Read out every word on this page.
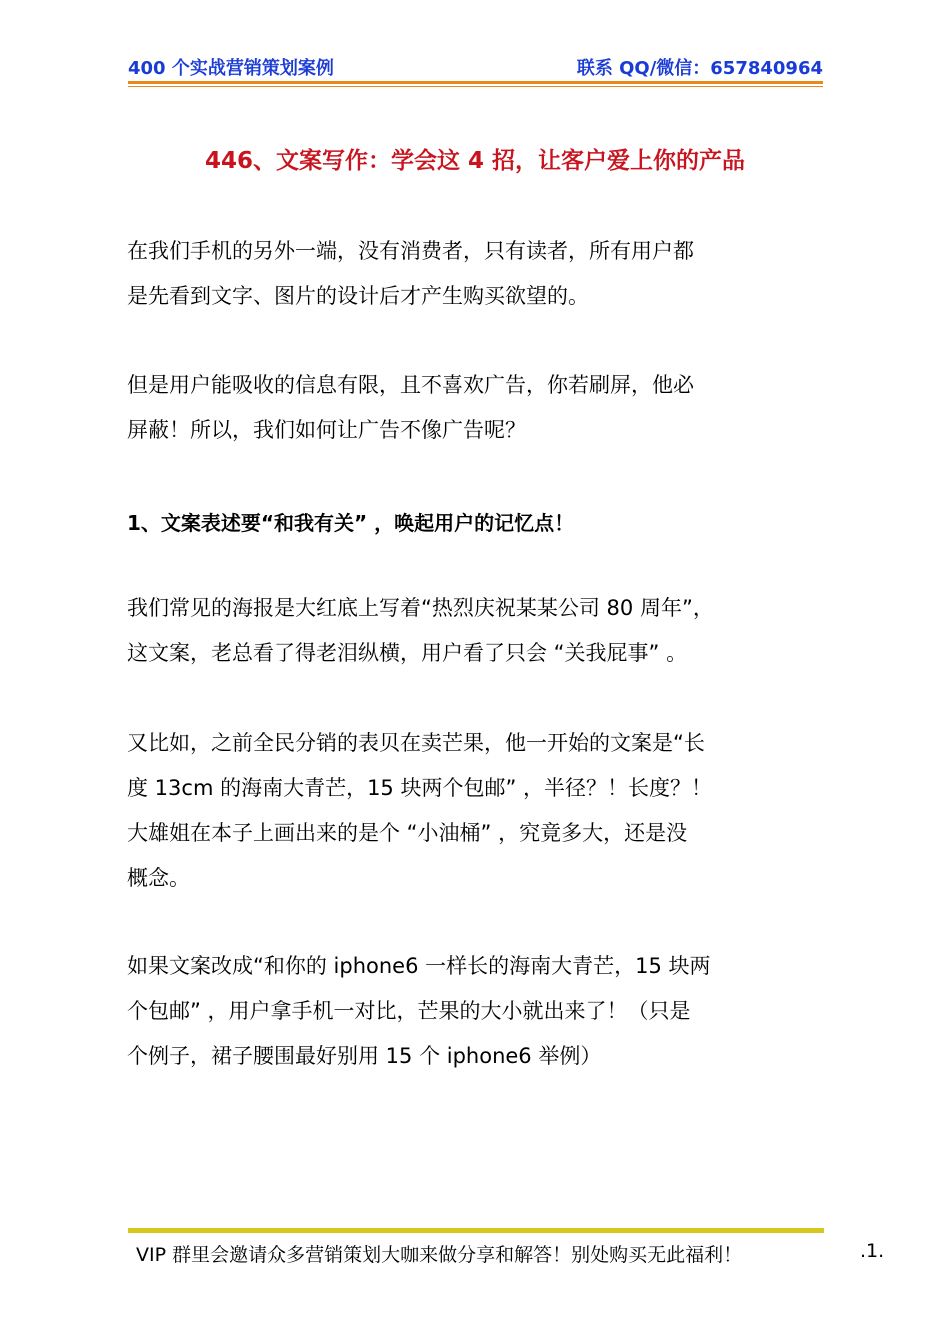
400 个实战营销策划案例	联系 QQ/微信：657840964
446、文案写作：学会这 4 招，让客户爱上你的产品

在我们手机的另外一端，没有消费者，只有读者，所有用户都
是先看到文字、图片的设计后才产生购买欲望的。

但是用户能吸收的信息有限，且不喜欢广告，你若刷屏，他必
屏蔽！所以，我们如何让广告不像广告呢？

1、文案表述要“和我有关” ，唤起用户的记忆点！

我们常见的海报是大红底上写着“热烈庆祝某某公司 80 周年”，
这文案，老总看了得老泪纵横，用户看了只会 “关我屁事” 。

又比如，之前全民分销的表贝在卖芒果，他一开始的文案是“长
度 13cm 的海南大青芒，15 块两个包邮” ，半径？！长度？！
大雄姐在本子上画出来的是个 “小油桶” ，究竟多大，还是没
概念。

如果文案改成“和你的 iphone6 一样长的海南大青芒，15 块两
个包邮” ，用户拿手机一对比，芒果的大小就出来了！（只是
个例子，裙子腰围最好别用 15 个 iphone6 举例）

VIP 群里会邀请众多营销策划大咖来做分享和解答！别处购买无此福利！	.1.
